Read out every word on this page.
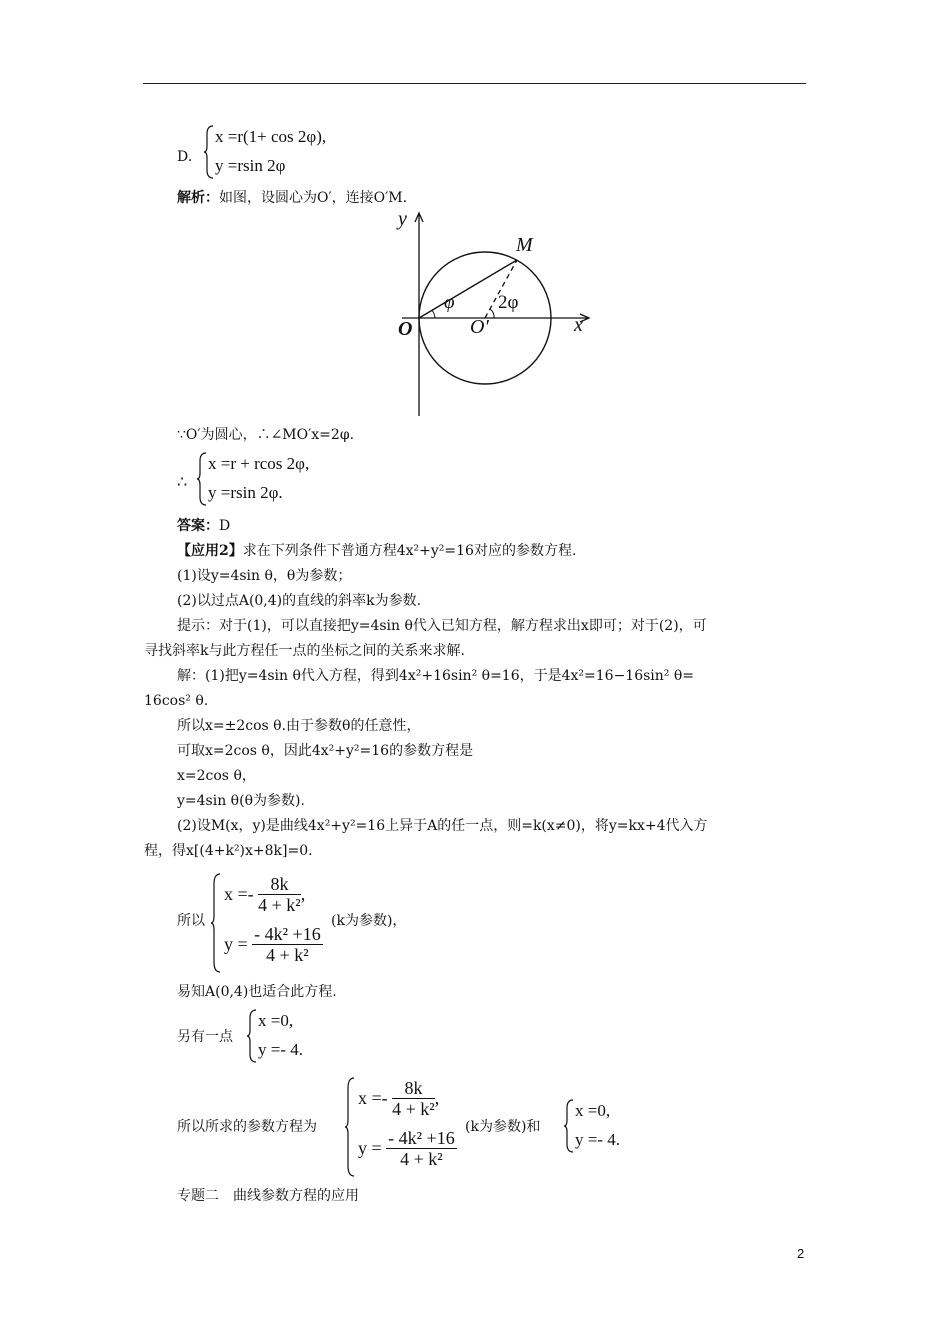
D.
x =r(1+ cos 2φ),
y =rsin 2φ
解析：如图，设圆心为O′，连接O′M.
y
x
O	O′
M
φ 2φ
∵O′为圆心，∴∠MO′x=2φ.
∴
x =r + rcos 2φ,
y =rsin 2φ.
答案：D
【应用2】求在下列条件下普通方程4x²+y²=16对应的参数方程.
(1)设y=4sin θ，θ为参数；
(2)以过点A(0,4)的直线的斜率k为参数.
提示：对于(1)，可以直接把y=4sin θ代入已知方程，解方程求出x即可；对于(2)，可
寻找斜率k与此方程任一点的坐标之间的关系来求解.
解：(1)把y=4sin θ代入方程，得到4x²+16sin² θ=16，于是4x²=16−16sin² θ=
16cos² θ.
所以x=±2cos θ.由于参数θ的任意性，
可取x=2cos θ，因此4x²+y²=16的参数方程是
x=2cos θ，
y=4sin θ(θ为参数).
(2)设M(x，y)是曲线4x²+y²=16上异于A的任一点，则=k(x≠0)，将y=kx+4代入方
程，得x[(4+k²)x+8k]=0.
所以
$x =- \frac{8k}{\text{4 + k²}}$ ,
$y = \frac{\text{- 4k² +16}}{\text{4 + k²}}$
(k为参数)，
易知A(0,4)也适合此方程.
另有一点
x =0,
y =- 4.
所以所求的参数方程为
$x =- \frac{8k}{\text{4 + k²}}$ ,
$y = \frac{\text{- 4k² +16}}{\text{4 + k²}}$
(k为参数)和
x =0,
y =- 4.
专题二　曲线参数方程的应用
2
